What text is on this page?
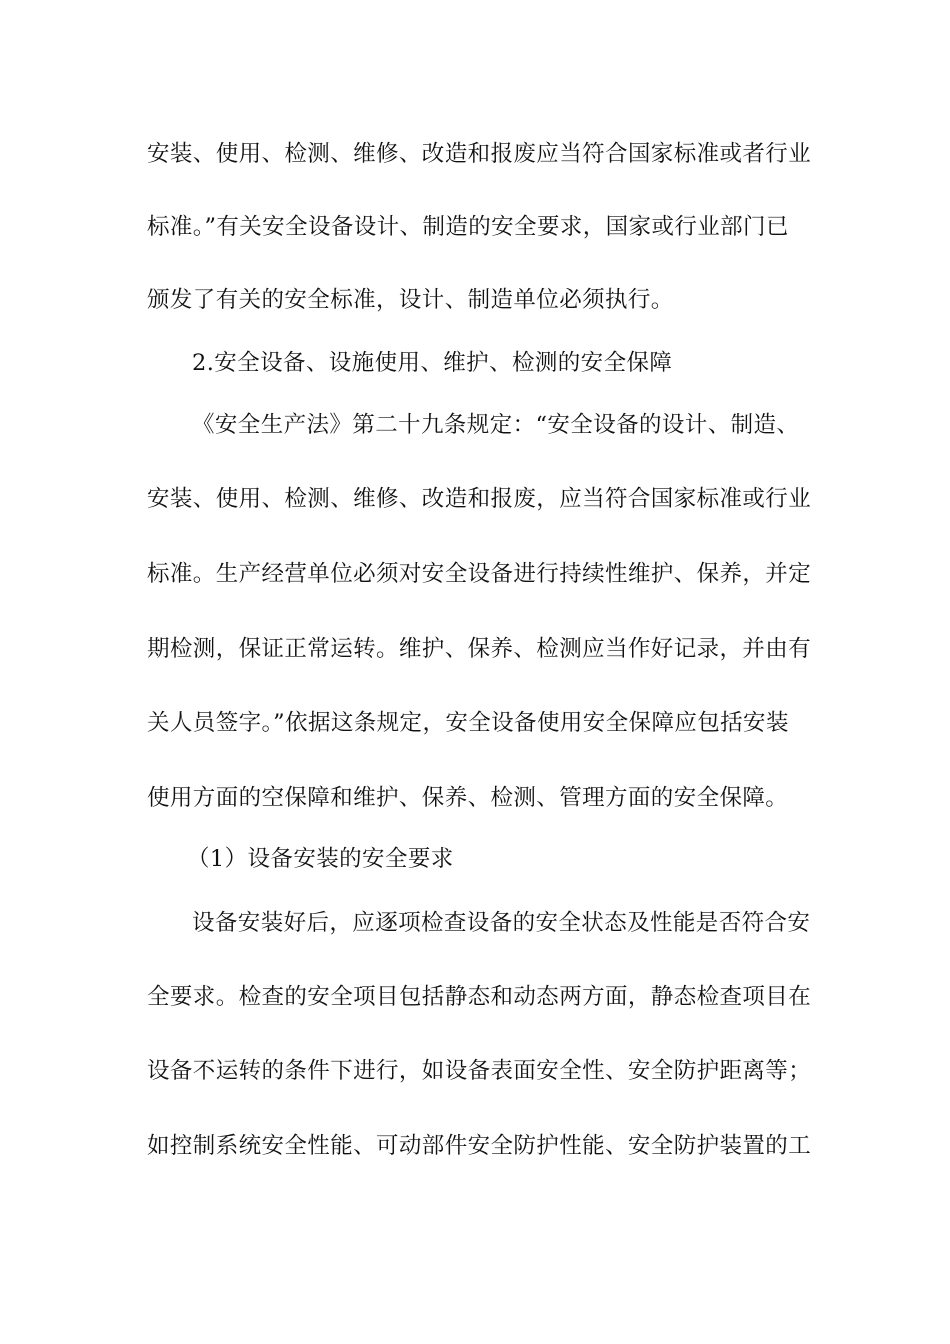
安装、使用、检测、维修、改造和报废应当符合国家标准或者行业
标准。”有关安全设备设计、制造的安全要求，国家或行业部门已
颁发了有关的安全标准，设计、制造单位必须执行。
2.安全设备、设施使用、维护、检测的安全保障
《安全生产法》第二十九条规定：“安全设备的设计、制造、
安装、使用、检测、维修、改造和报废，应当符合国家标准或行业
标准。生产经营单位必须对安全设备进行持续性维护、保养，并定
期检测，保证正常运转。维护、保养、检测应当作好记录，并由有
关人员签字。”依据这条规定，安全设备使用安全保障应包括安装
使用方面的空保障和维护、保养、检测、管理方面的安全保障。
（1）设备安装的安全要求
设备安装好后，应逐项检查设备的安全状态及性能是否符合安
全要求。检查的安全项目包括静态和动态两方面，静态检查项目在
设备不运转的条件下进行，如设备表面安全性、安全防护距离等；
如控制系统安全性能、可动部件安全防护性能、安全防护装置的工
